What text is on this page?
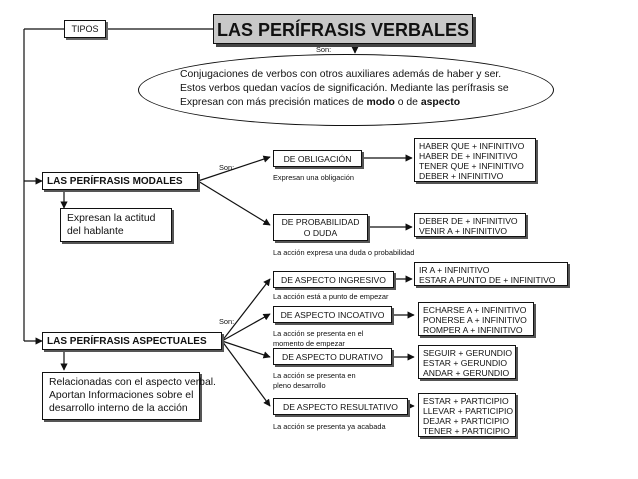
LAS PERÍFRASIS VERBALES
TIPOS
Son:
Conjugaciones de verbos con otros auxiliares además de haber y ser.
Estos verbos quedan vacíos de significación. Mediante las perífrasis se
Expresan con más precisión matices de modo o de aspecto
LAS PERÍFRASIS MODALES
Son:
Expresan la actitud
del hablante
DE OBLIGACIÓN
Expresan una obligación
HABER QUE + INFINITIVO
HABER DE + INFINITIVO
TENER QUE + INFINITIVO
DEBER + INFINITIVO
DE PROBABILIDAD
O DUDA
La acción expresa una duda o probabilidad
DEBER DE + INFINITIVO
VENIR A + INFINITIVO
LAS PERÍFRASIS ASPECTUALES
Son:
Relacionadas con el aspecto verbal.
Aportan Informaciones sobre el
desarrollo interno de la acción
DE ASPECTO INGRESIVO
La acción está a punto de empezar
IR A + INFINITIVO
ESTAR A PUNTO DE + INFINITIVO
DE ASPECTO INCOATIVO
La acción se presenta en el
momento de empezar
ECHARSE A + INFINITIVO
PONERSE A + INFINITIVO
ROMPER A + INFINITIVO
DE ASPECTO DURATIVO
La acción se presenta en
pleno desarrollo
SEGUIR + GERUNDIO
ESTAR + GERUNDIO
ANDAR + GERUNDIO
DE ASPECTO RESULTATIVO
La acción se presenta ya acabada
ESTAR + PARTICIPIO
LLEVAR + PARTICIPIO
DEJAR + PARTICIPIO
TENER + PARTICIPIO
